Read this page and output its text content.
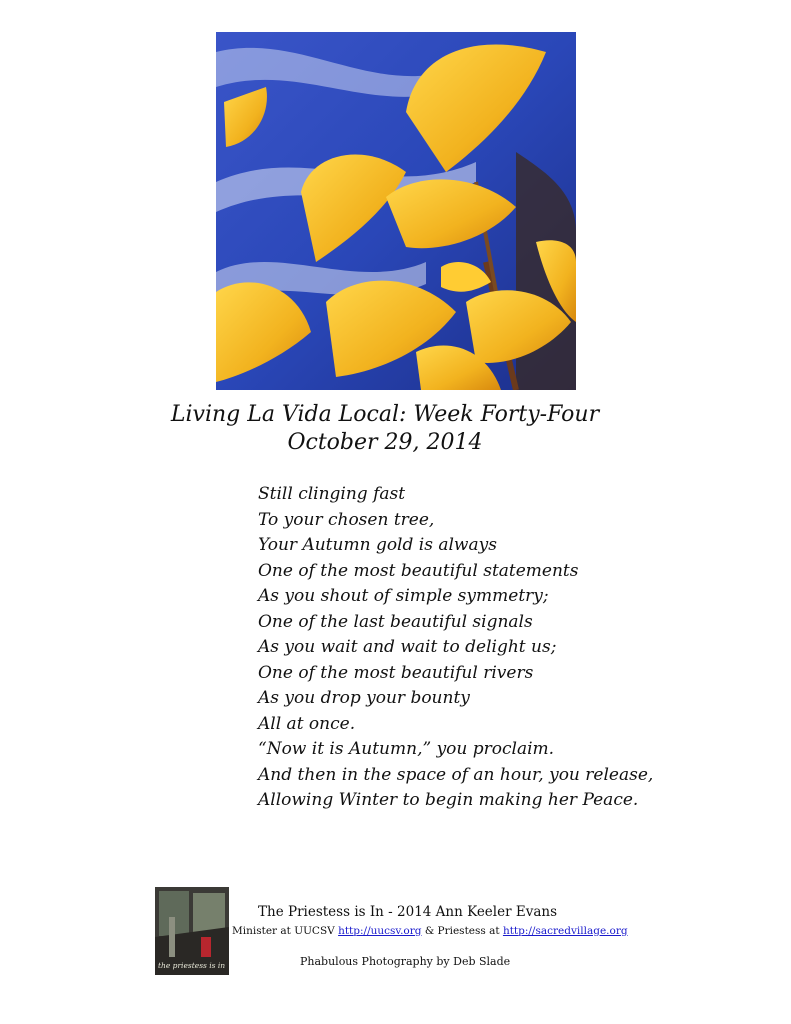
Living La Vida Local: Week Forty-Four
October 29, 2014
Still clinging fast
To your chosen tree,
Your Autumn gold is always
One of the most beautiful statements
As you shout of simple symmetry;
One of the last beautiful signals
As you wait and wait to delight us;
One of the most beautiful rivers
As you drop your bounty
All at once.
“Now it is Autumn,” you proclaim.
And then in the space of an hour, you release,
Allowing Winter to begin making her Peace.
the priestess is in
The Priestess is In - 2014 Ann Keeler Evans
Minister at UUCSV http://uucsv.org & Priestess at http://sacredvillage.org
Phabulous Photography by Deb Slade
